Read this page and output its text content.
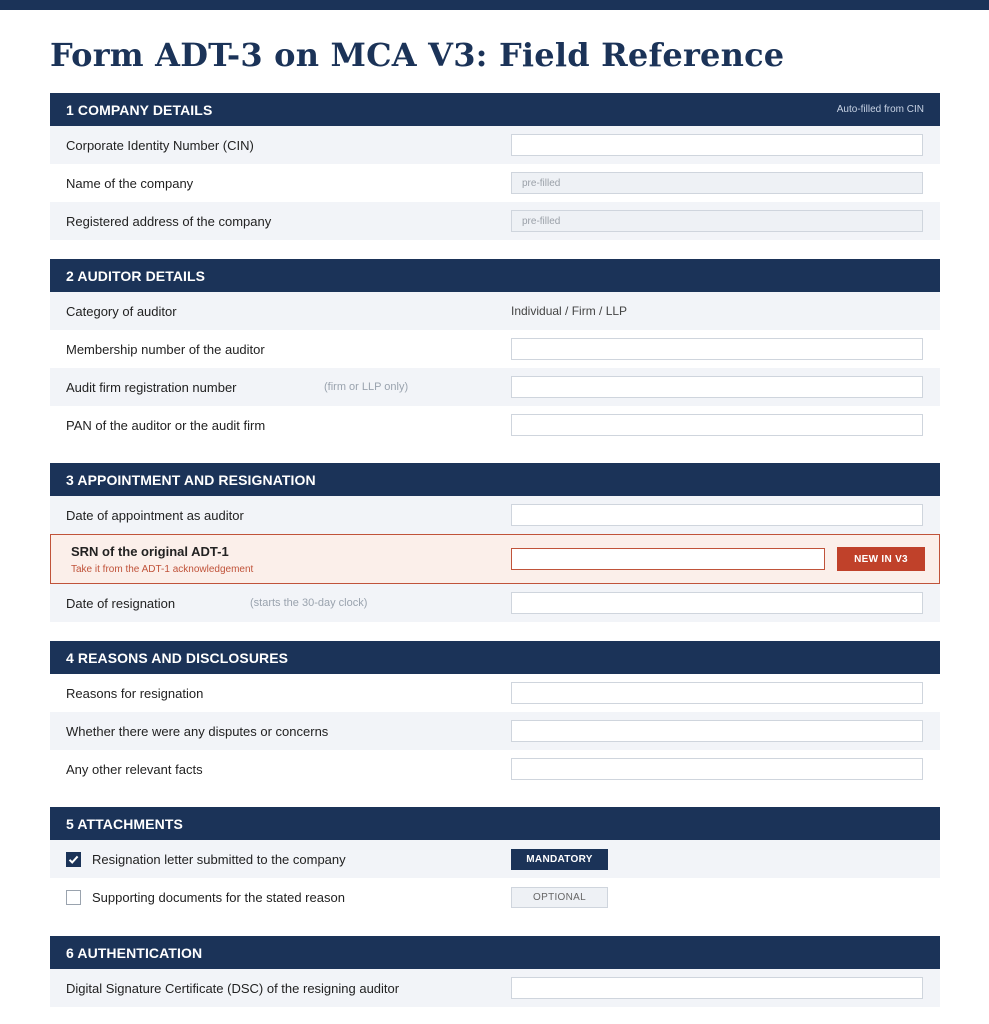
Form ADT-3 on MCA V3: Field Reference
1 COMPANY DETAILS	Auto-filled from CIN
Corporate Identity Number (CIN)
Name of the company	pre-filled
Registered address of the company	pre-filled
2 AUDITOR DETAILS
Category of auditor	Individual / Firm / LLP
Membership number of the auditor
Audit firm registration number	(firm or LLP only)
PAN of the auditor or the audit firm
3 APPOINTMENT AND RESIGNATION
Date of appointment as auditor
SRN of the original ADT-1
Take it from the ADT-1 acknowledgement
NEW IN V3
Date of resignation	(starts the 30-day clock)
4 REASONS AND DISCLOSURES
Reasons for resignation
Whether there were any disputes or concerns
Any other relevant facts
5 ATTACHMENTS
Resignation letter submitted to the company	MANDATORY
Supporting documents for the stated reason	OPTIONAL
6 AUTHENTICATION
Digital Signature Certificate (DSC) of the resigning auditor
